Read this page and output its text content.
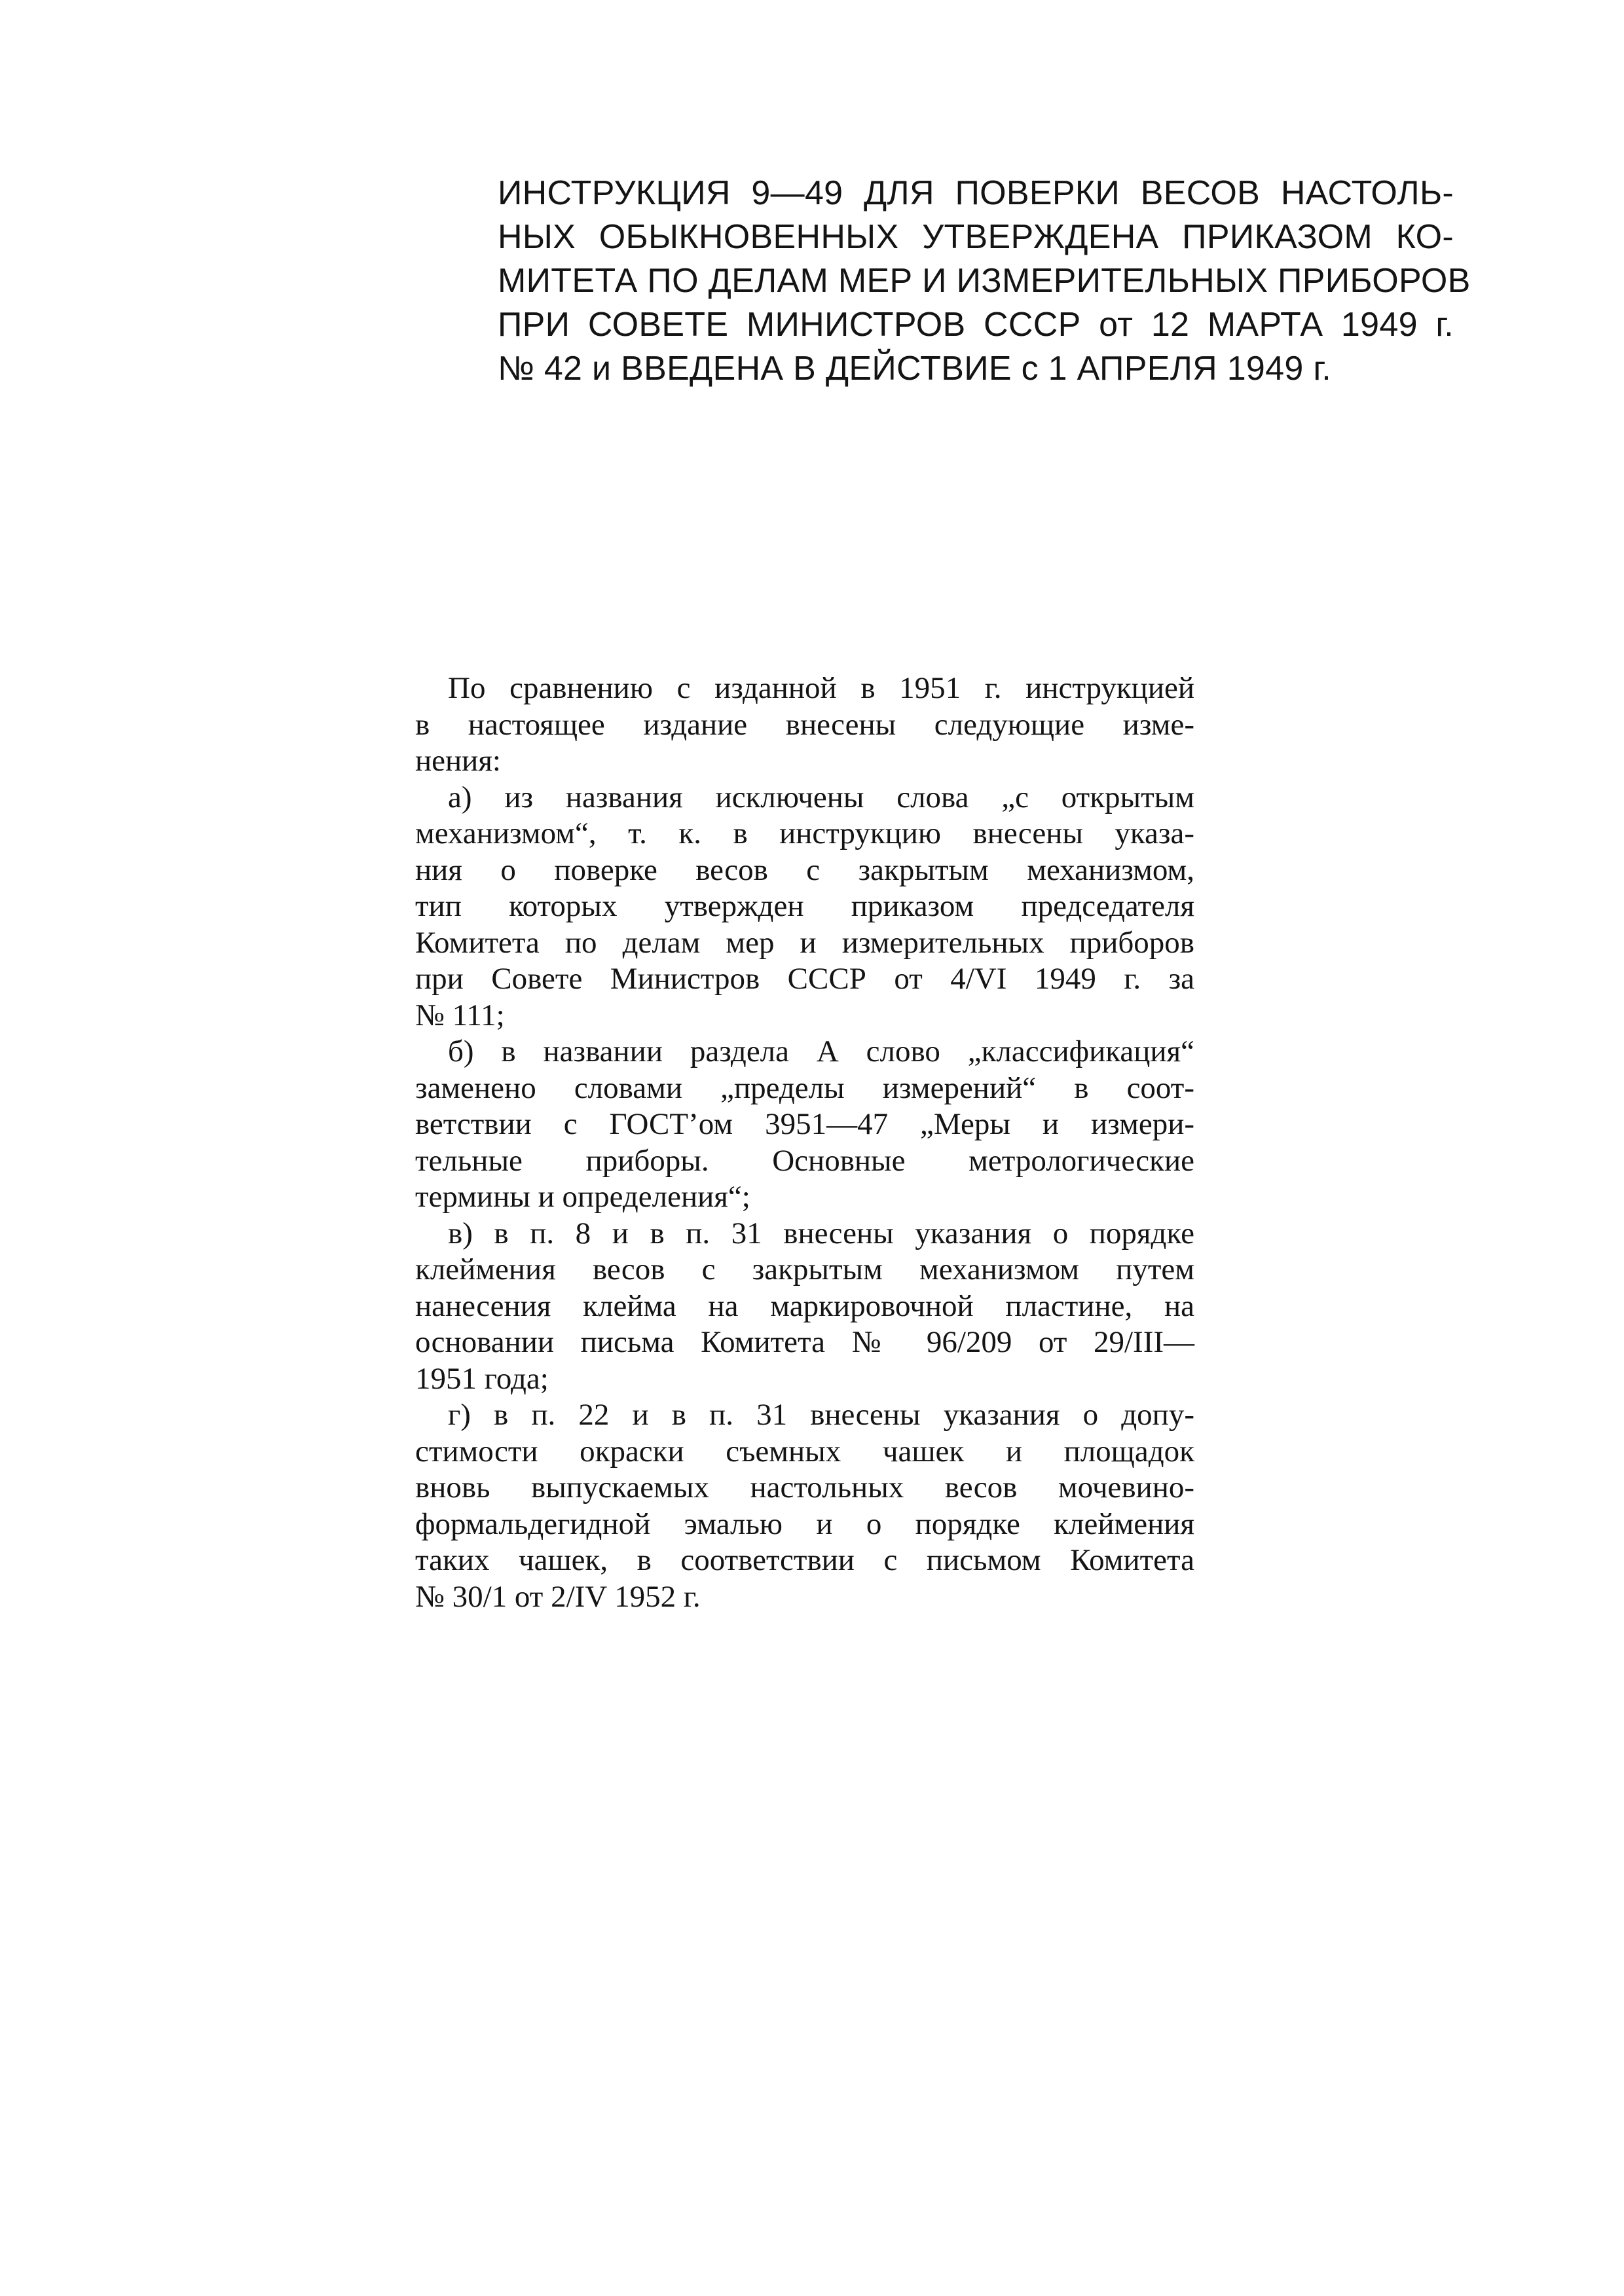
ИНСТРУКЦИЯ 9—49 ДЛЯ ПОВЕРКИ ВЕСОВ НАСТОЛЬ-
НЫХ ОБЫКНОВЕННЫХ УТВЕРЖДЕНА ПРИКАЗОМ КО-
МИТЕТА ПО ДЕЛАМ МЕР И ИЗМЕРИТЕЛЬНЫХ ПРИБОРОВ
ПРИ СОВЕТЕ МИНИСТРОВ СССР от 12 МАРТА 1949 г.
№ 42 и ВВЕДЕНА В ДЕЙСТВИЕ с 1 АПРЕЛЯ 1949 г.
По сравнению с изданной в 1951 г. инструкцией
в настоящее издание внесены следующие изме-
нения:
а) из названия исключены слова „с открытым
механизмом“, т. к. в инструкцию внесены указа-
ния о поверке весов с закрытым механизмом,
тип которых утвержден приказом председателя
Комитета по делам мер и измерительных приборов
при Совете Министров СССР от 4/VI 1949 г. за
№ 111;
б) в названии раздела А слово „классификация“
заменено словами „пределы измерений“ в соот-
ветствии с ГОСТ’ом 3951—47 „Меры и измери-
тельные приборы. Основные метрологические
термины и определения“;
в) в п. 8 и в п. 31 внесены указания о порядке
клеймения весов с закрытым механизмом путем
нанесения клейма на маркировочной пластине, на
основании письма Комитета № 96/209 от 29/III—
1951 года;
г) в п. 22 и в п. 31 внесены указания о допу-
стимости окраски съемных чашек и площадок
вновь выпускаемых настольных весов мочевино-
формальдегидной эмалью и о порядке клеймения
таких чашек, в соответствии с письмом Комитета
№ 30/1 от 2/IV 1952 г.
